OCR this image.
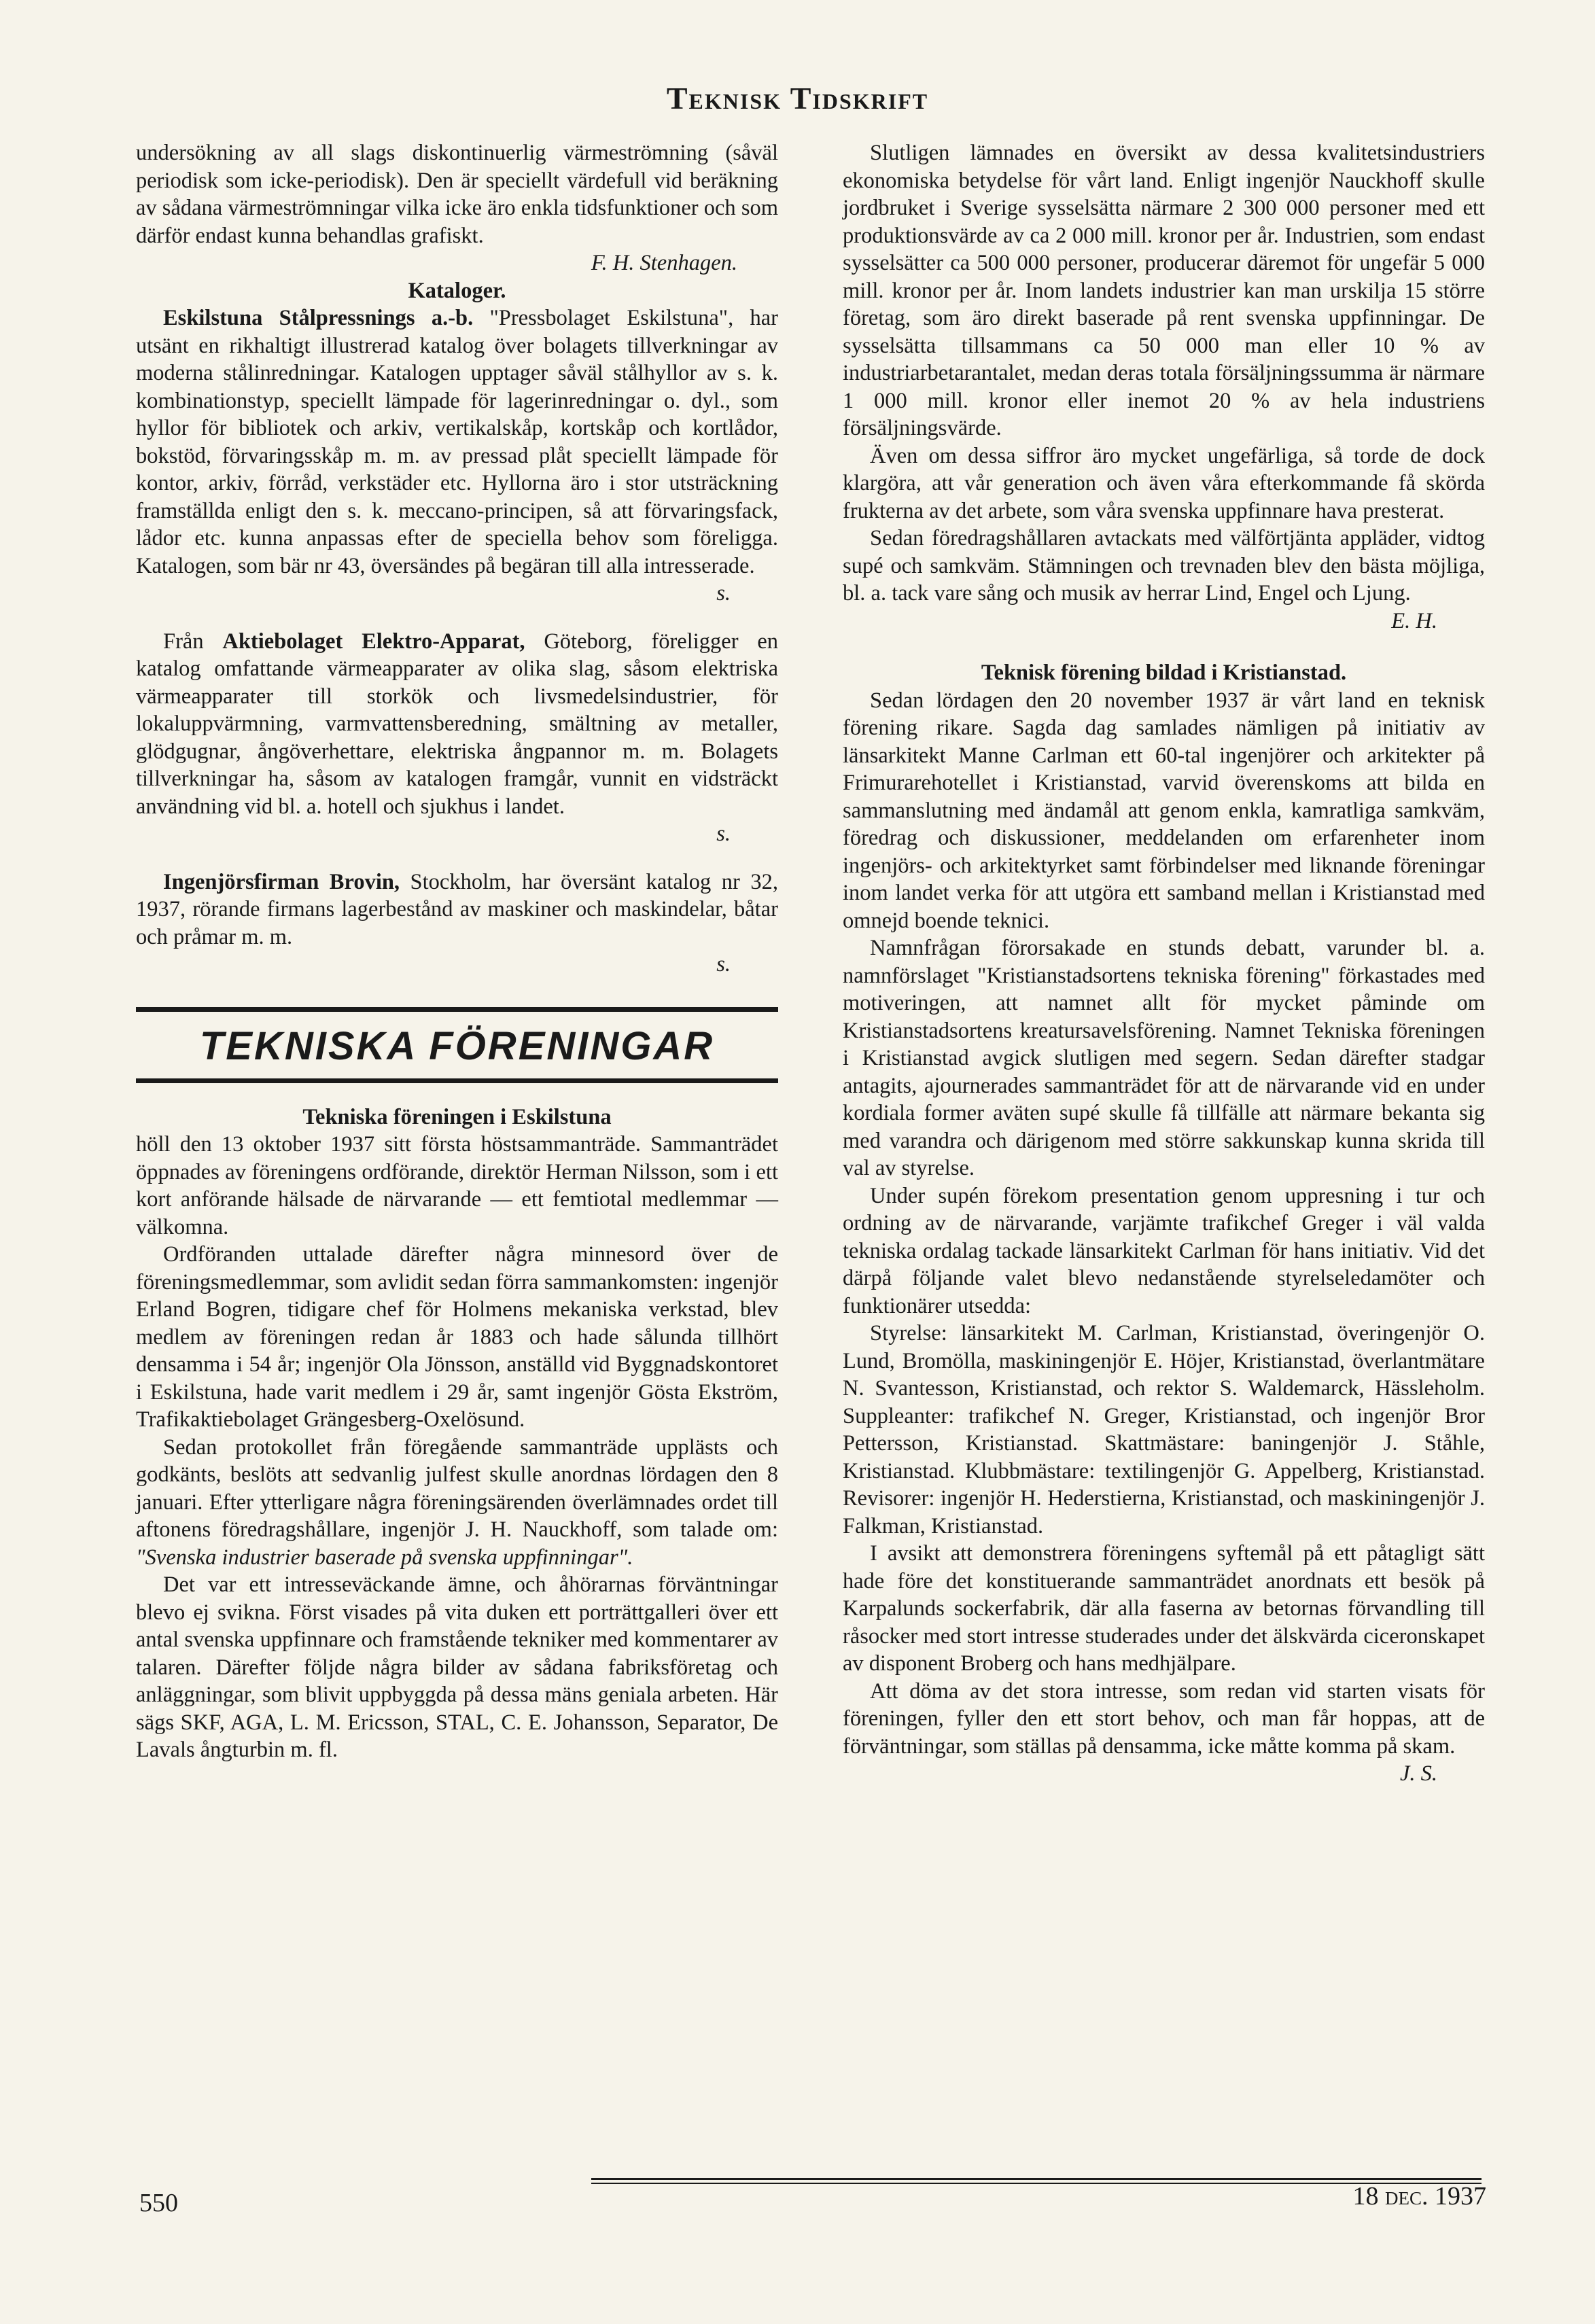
Teknisk Tidskrift

undersökning av all slags diskontinuerlig värmeströmning (såväl periodisk som icke-periodisk). Den är speciellt värdefull vid beräkning av sådana värmeströmningar vilka icke äro enkla tidsfunktioner och som därför endast kunna behandlas grafiskt.

F. H. Stenhagen.

Kataloger.

Eskilstuna Stålpressnings a.-b. "Pressbolaget Eskilstuna", har utsänt en rikhaltigt illustrerad katalog över bolagets tillverkningar av moderna stålinredningar. Katalogen upptager såväl stålhyllor av s. k. kombinationstyp, speciellt lämpade för lagerinredningar o. dyl., som hyllor för bibliotek och arkiv, vertikalskåp, kortskåp och kortlådor, bokstöd, förvaringsskåp m. m. av pressad plåt speciellt lämpade för kontor, arkiv, förråd, verkstäder etc. Hyllorna äro i stor utsträckning framställda enligt den s. k. meccano-principen, så att förvaringsfack, lådor etc. kunna anpassas efter de speciella behov som föreligga. Katalogen, som bär nr 43, översändes på begäran till alla intresserade.

s.

Från Aktiebolaget Elektro-Apparat, Göteborg, föreligger en katalog omfattande värmeapparater av olika slag, såsom elektriska värmeapparater till storkök och livsmedelsindustrier, för lokaluppvärmning, varmvattensberedning, smältning av metaller, glödgugnar, ångöverhettare, elektriska ångpannor m. m. Bolagets tillverkningar ha, såsom av katalogen framgår, vunnit en vidsträckt användning vid bl. a. hotell och sjukhus i landet.

s.

Ingenjörsfirman Brovin, Stockholm, har översänt katalog nr 32, 1937, rörande firmans lagerbestånd av maskiner och maskindelar, båtar och pråmar m. m.

s.

TEKNISKA FÖRENINGAR

Tekniska föreningen i Eskilstuna

höll den 13 oktober 1937 sitt första höstsammanträde. Sammanträdet öppnades av föreningens ordförande, direktör Herman Nilsson, som i ett kort anförande hälsade de närvarande — ett femtiotal medlemmar — välkomna.

Ordföranden uttalade därefter några minnesord över de föreningsmedlemmar, som avlidit sedan förra sammankomsten: ingenjör Erland Bogren, tidigare chef för Holmens mekaniska verkstad, blev medlem av föreningen redan år 1883 och hade sålunda tillhört densamma i 54 år; ingenjör Ola Jönsson, anställd vid Byggnadskontoret i Eskilstuna, hade varit medlem i 29 år, samt ingenjör Gösta Ekström, Trafikaktiebolaget Grängesberg-Oxelösund.

Sedan protokollet från föregående sammanträde upplästs och godkänts, beslöts att sedvanlig julfest skulle anordnas lördagen den 8 januari. Efter ytterligare några föreningsärenden överlämnades ordet till aftonens föredragshållare, ingenjör J. H. Nauckhoff, som talade om: "Svenska industrier baserade på svenska uppfinningar".

Det var ett intresseväckande ämne, och åhörarnas förväntningar blevo ej svikna. Först visades på vita duken ett porträttgalleri över ett antal svenska uppfinnare och framstående tekniker med kommentarer av talaren. Därefter följde några bilder av sådana fabriksföretag och anläggningar, som blivit uppbyggda på dessa mäns geniala arbeten. Här sägs SKF, AGA, L. M. Ericsson, STAL, C. E. Johansson, Separator, De Lavals ångturbin m. fl.

Slutligen lämnades en översikt av dessa kvalitetsindustriers ekonomiska betydelse för vårt land. Enligt ingenjör Nauckhoff skulle jordbruket i Sverige sysselsätta närmare 2 300 000 personer med ett produktionsvärde av ca 2 000 mill. kronor per år. Industrien, som endast sysselsätter ca 500 000 personer, producerar däremot för ungefär 5 000 mill. kronor per år. Inom landets industrier kan man urskilja 15 större företag, som äro direkt baserade på rent svenska uppfinningar. De sysselsätta tillsammans ca 50 000 man eller 10 % av industriarbetarantalet, medan deras totala försäljningssumma är närmare 1 000 mill. kronor eller inemot 20 % av hela industriens försäljningsvärde.

Även om dessa siffror äro mycket ungefärliga, så torde de dock klargöra, att vår generation och även våra efterkommande få skörda frukterna av det arbete, som våra svenska uppfinnare hava presterat.

Sedan föredragshållaren avtackats med välförtjänta appläder, vidtog supé och samkväm. Stämningen och trevnaden blev den bästa möjliga, bl. a. tack vare sång och musik av herrar Lind, Engel och Ljung.

E. H.

Teknisk förening bildad i Kristianstad.

Sedan lördagen den 20 november 1937 är vårt land en teknisk förening rikare. Sagda dag samlades nämligen på initiativ av länsarkitekt Manne Carlman ett 60-tal ingenjörer och arkitekter på Frimurarehotellet i Kristianstad, varvid överenskoms att bilda en sammanslutning med ändamål att genom enkla, kamratliga samkväm, föredrag och diskussioner, meddelanden om erfarenheter inom ingenjörs- och arkitektyrket samt förbindelser med liknande föreningar inom landet verka för att utgöra ett samband mellan i Kristianstad med omnejd boende teknici.

Namnfrågan förorsakade en stunds debatt, varunder bl. a. namnförslaget "Kristianstadsortens tekniska förening" förkastades med motiveringen, att namnet allt för mycket påminde om Kristianstadsortens kreatursavelsförening. Namnet Tekniska föreningen i Kristianstad avgick slutligen med segern. Sedan därefter stadgar antagits, ajournerades sammanträdet för att de närvarande vid en under kordiala former aväten supé skulle få tillfälle att närmare bekanta sig med varandra och därigenom med större sakkunskap kunna skrida till val av styrelse.

Under supén förekom presentation genom uppresning i tur och ordning av de närvarande, varjämte trafikchef Greger i väl valda tekniska ordalag tackade länsarkitekt Carlman för hans initiativ. Vid det därpå följande valet blevo nedanstående styrelseledamöter och funktionärer utsedda:

Styrelse: länsarkitekt M. Carlman, Kristianstad, överingenjör O. Lund, Bromölla, maskiningenjör E. Höjer, Kristianstad, överlantmätare N. Svantesson, Kristianstad, och rektor S. Waldemarck, Hässleholm. Suppleanter: trafikchef N. Greger, Kristianstad, och ingenjör Bror Pettersson, Kristianstad. Skattmästare: baningenjör J. Ståhle, Kristianstad. Klubbmästare: textilingenjör G. Appelberg, Kristianstad. Revisorer: ingenjör H. Hederstierna, Kristianstad, och maskiningenjör J. Falkman, Kristianstad.

I avsikt att demonstrera föreningens syftemål på ett påtagligt sätt hade före det konstituerande sammanträdet anordnats ett besök på Karpalunds sockerfabrik, där alla faserna av betornas förvandling till råsocker med stort intresse studerades under det älskvärda ciceronskapet av disponent Broberg och hans medhjälpare.

Att döma av det stora intresse, som redan vid starten visats för föreningen, fyller den ett stort behov, och man får hoppas, att de förväntningar, som ställas på densamma, icke måtte komma på skam.

J. S.

550	18 dec. 1937
